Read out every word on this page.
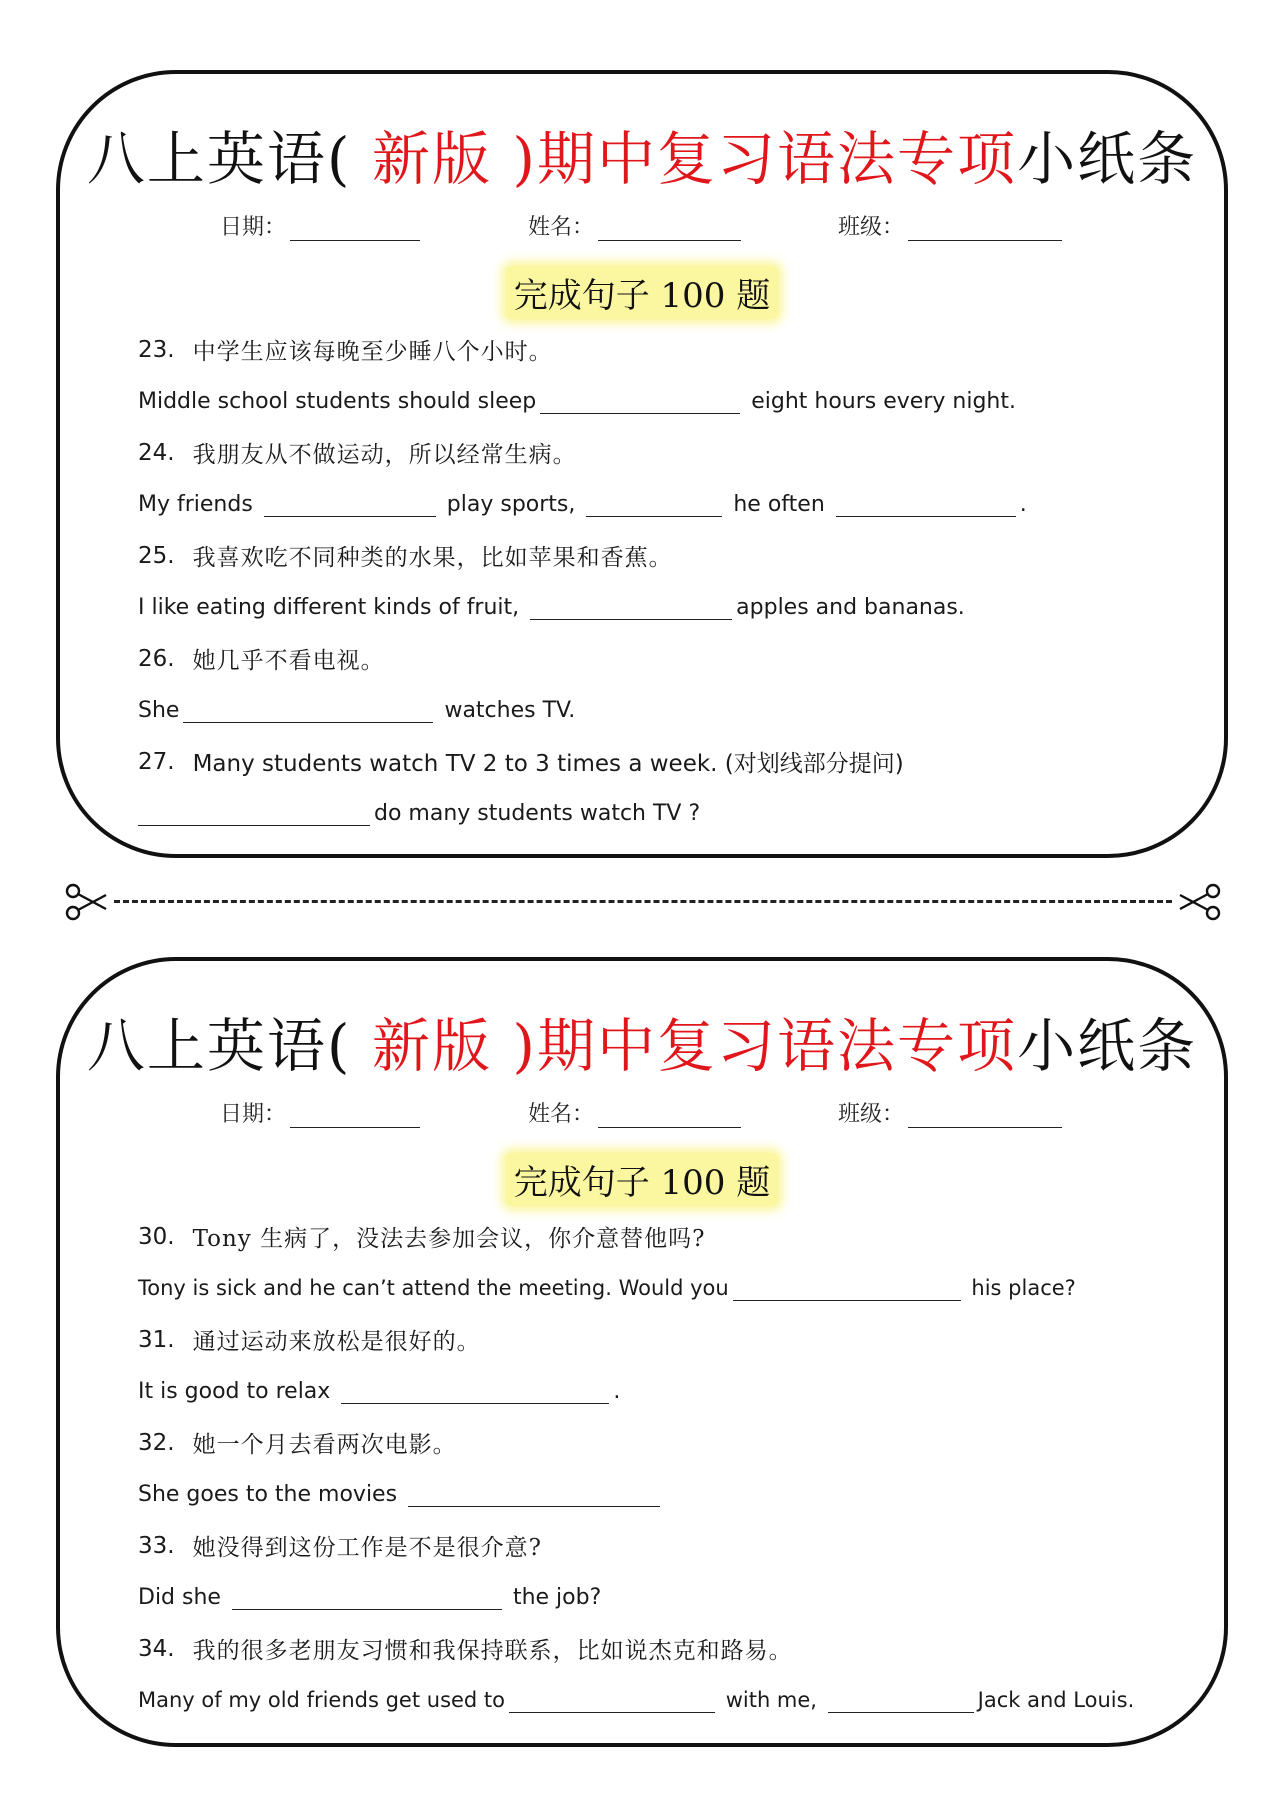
八上英语( 新版 )期中复习语法专项小纸条
日期：	姓名：	班级：
完成句子 100 题
23. 中学生应该每晚至少睡八个小时。
Middle school students should sleep	eight hours every night.
24. 我朋友从不做运动，所以经常生病。
My friends	play sports,	he often	.
25. 我喜欢吃不同种类的水果，比如苹果和香蕉。
I like eating different kinds of fruit,	apples and bananas.
26. 她几乎不看电视。
She	watches TV.
27. Many students watch TV 2 to 3 times a week. (对划线部分提问)
do many students watch TV ?
八上英语( 新版 )期中复习语法专项小纸条
日期：	姓名：	班级：
完成句子 100 题
30. Tony 生病了，没法去参加会议，你介意替他吗?
Tony is sick and he can’t attend the meeting. Would you	his place?
31. 通过运动来放松是很好的。
It is good to relax	.
32. 她一个月去看两次电影。
She goes to the movies
33. 她没得到这份工作是不是很介意?
Did she	the job?
34. 我的很多老朋友习惯和我保持联系，比如说杰克和路易。
Many of my old friends get used to	with me,	Jack and Louis.
